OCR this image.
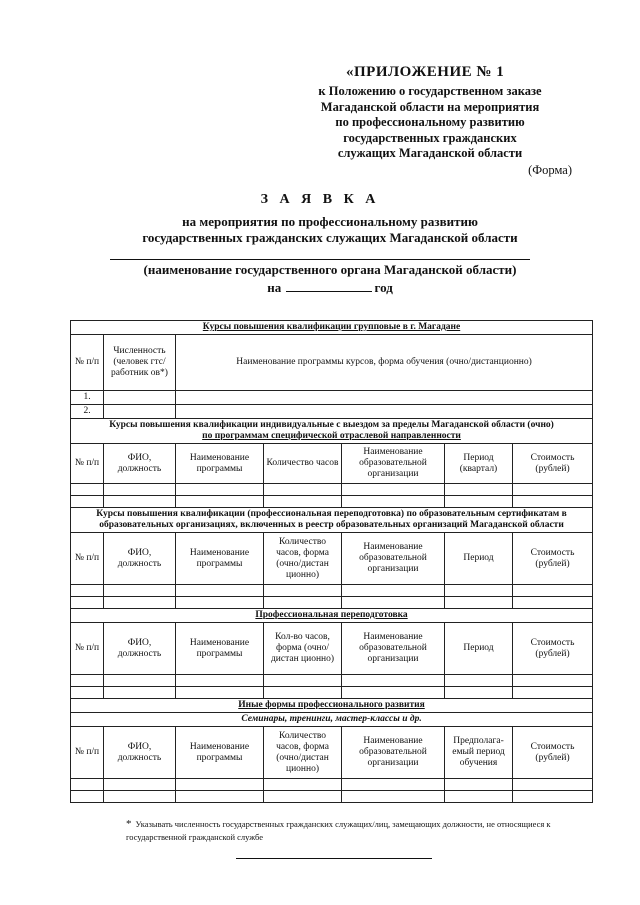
«ПРИЛОЖЕНИЕ № 1
к Положению о государственном заказе
Магаданской области на мероприятия
по профессиональному развитию
государственных гражданских
служащих Магаданской области
(Форма)
З А Я В К А
на мероприятия по профессиональному развитию
государственных гражданских служащих Магаданской области
(наименование государственного органа Магаданской области)
на	год
Курсы повышения квалификации групповые в г. Магадане						
№ п/п	Численность (человек гтс/работник ов*)	Наименование программы курсов, форма обучения (очно/дистанционно)				
1.						
2.						

Курсы повышения квалификации индивидуальные с выездом за пределы Магаданской области (очно)
по программам специфической отраслевой направленности						

№ п/п	ФИО, должность	Наименование программы	Количество часов	Наименование образовательной организации	Период (квартал)	Стоимость (рублей)

Курсы повышения квалификации (профессиональная переподготовка) по образовательным сертификатам в образовательных организациях, включенных в реестр образовательных организаций Магаданской области						
№ п/п	ФИО, должность	Наименование программы	Количество часов, форма (очно/дистан ционно)	Наименование образовательной организации	Период	Стоимость (рублей)

Профессиональная переподготовка						
№ п/п	ФИО, должность	Наименование программы	Кол-во часов, форма (очно/дистан ционно)	Наименование образовательной организации	Период	Стоимость (рублей)

Иные формы профессионального развития						
Семинары, тренинги, мастер-классы и др.						
№ п/п	ФИО, должность	Наименование программы	Количество часов, форма (очно/дистан ционно)	Наименование образовательной организации	Предполага- емый период обучения	Стоимость (рублей)

* Указывать численность государственных гражданских служащих/лиц, замещающих должности, не относящиеся к государственной гражданской службе
